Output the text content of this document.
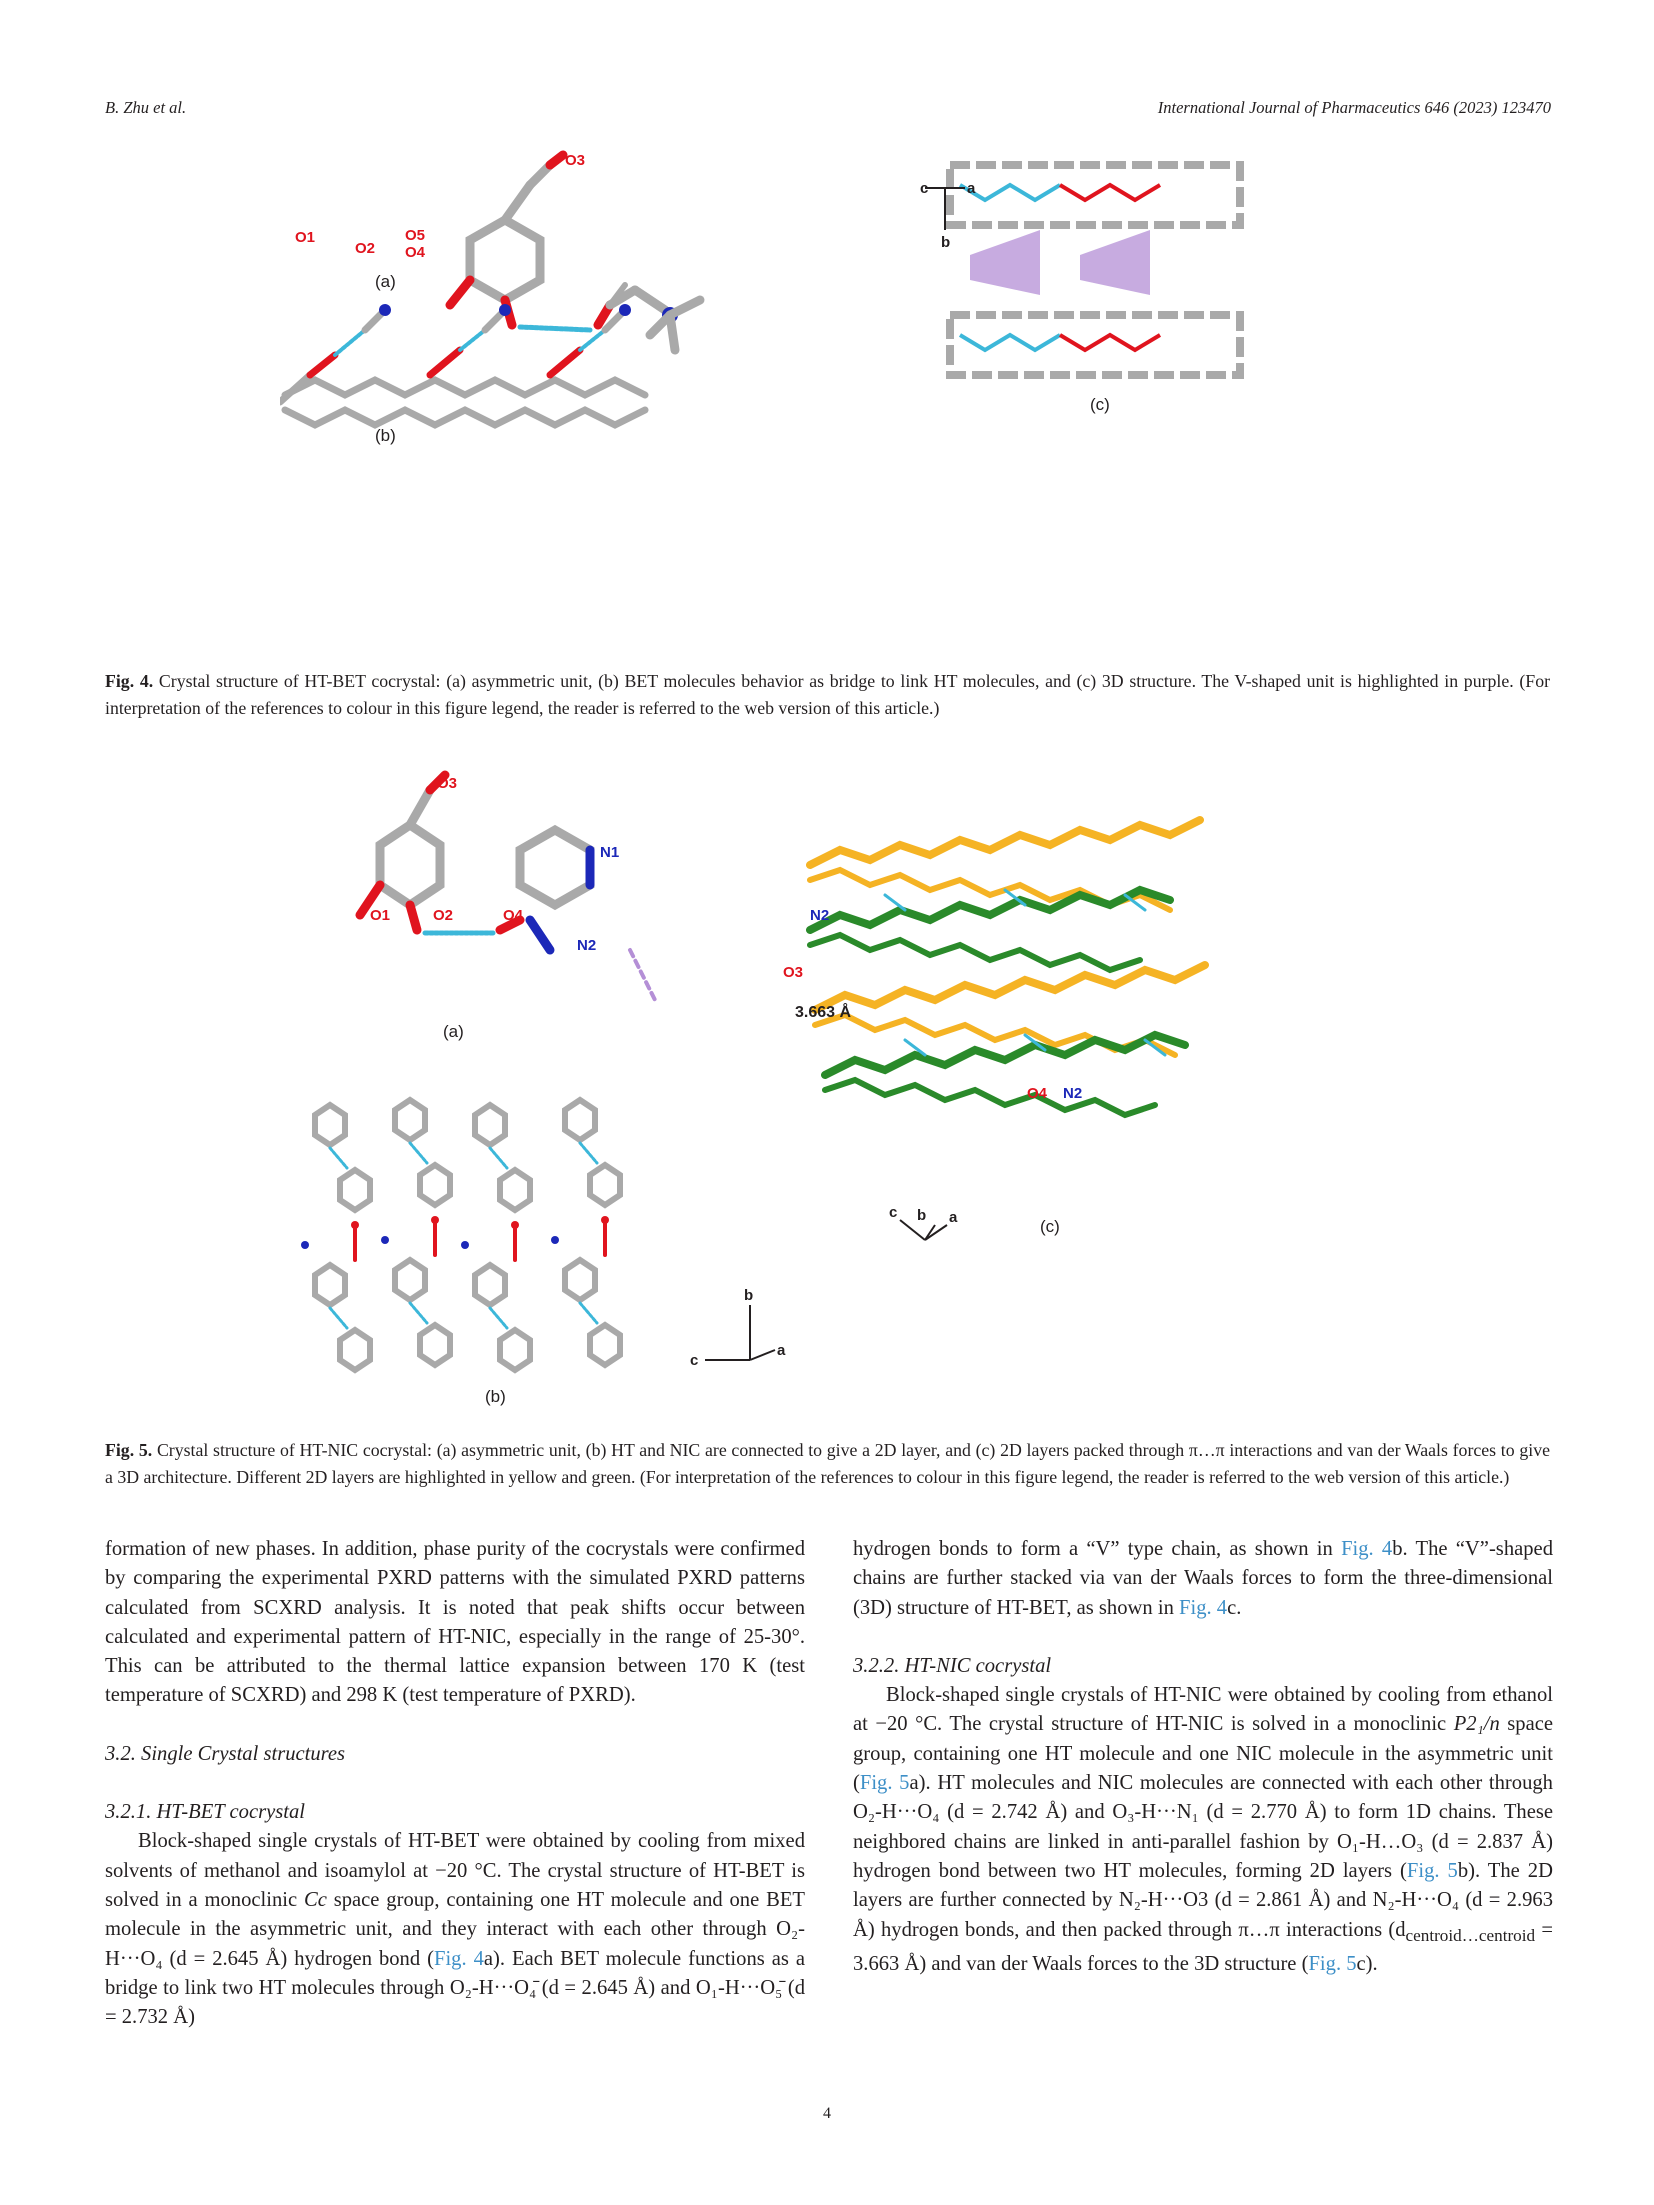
B. Zhu et al.	International Journal of Pharmaceutics 646 (2023) 123470
O3
O5
O1
O2 O4
(a)
(b)
c	a
b
(c)
Fig. 4. Crystal structure of HT-BET cocrystal: (a) asymmetric unit, (b) BET molecules behavior as bridge to link HT molecules, and (c) 3D structure. The V-shaped unit is highlighted in purple. (For interpretation of the references to colour in this figure legend, the reader is referred to the web version of this article.)
O3
N1
O1	O2	O4
N2
(a)
b
c
a
(b)
N2
O3
3.663 Å
O4 N2
c b a	(c)
Fig. 5. Crystal structure of HT-NIC cocrystal: (a) asymmetric unit, (b) HT and NIC are connected to give a 2D layer, and (c) 2D layers packed through π…π interactions and van der Waals forces to give a 3D architecture. Different 2D layers are highlighted in yellow and green. (For interpretation of the references to colour in this figure legend, the reader is referred to the web version of this article.)

formation of new phases. In addition, phase purity of the cocrystals were confirmed by comparing the experimental PXRD patterns with the simulated PXRD patterns calculated from SCXRD analysis. It is noted that peak shifts occur between calculated and experimental pattern of HT-NIC, especially in the range of 25-30°. This can be attributed to the thermal lattice expansion between 170 K (test temperature of SCXRD) and 298 K (test temperature of PXRD).

3.2. Single Crystal structures

3.2.1. HT-BET cocrystal

Block-shaped single crystals of HT-BET were obtained by cooling from mixed solvents of methanol and isoamylol at −20 °C. The crystal structure of HT-BET is solved in a monoclinic Cc space group, containing one HT molecule and one BET molecule in the asymmetric unit, and they interact with each other through O₂-H···O₄ (d = 2.645 Å) hydrogen bond (Fig. 4a). Each BET molecule functions as a bridge to link two HT molecules through O₂-H···O₄̄ (d = 2.645 Å) and O₁-H···O₅̄ (d = 2.732 Å)

hydrogen bonds to form a “V” type chain, as shown in Fig. 4b. The “V”-shaped chains are further stacked via van der Waals forces to form the three-dimensional (3D) structure of HT-BET, as shown in Fig. 4c.

3.2.2. HT-NIC cocrystal

Block-shaped single crystals of HT-NIC were obtained by cooling from ethanol at −20 °C. The crystal structure of HT-NIC is solved in a monoclinic P2₁/n space group, containing one HT molecule and one NIC molecule in the asymmetric unit (Fig. 5a). HT molecules and NIC molecules are connected with each other through O₂-H···O₄ (d = 2.742 Å) and O₃-H···N₁ (d = 2.770 Å) to form 1D chains. These neighbored chains are linked in anti-parallel fashion by O₁-H…O₃ (d = 2.837 Å) hydrogen bond between two HT molecules, forming 2D layers (Fig. 5b). The 2D layers are further connected by N₂-H···O3 (d = 2.861 Å) and N₂-H···O₄ (d = 2.963 Å) hydrogen bonds, and then packed through π…π interactions ($d_{centroid\dots centroid} = 3.663$ Å) and van der Waals forces to the 3D structure (Fig. 5c).

4
